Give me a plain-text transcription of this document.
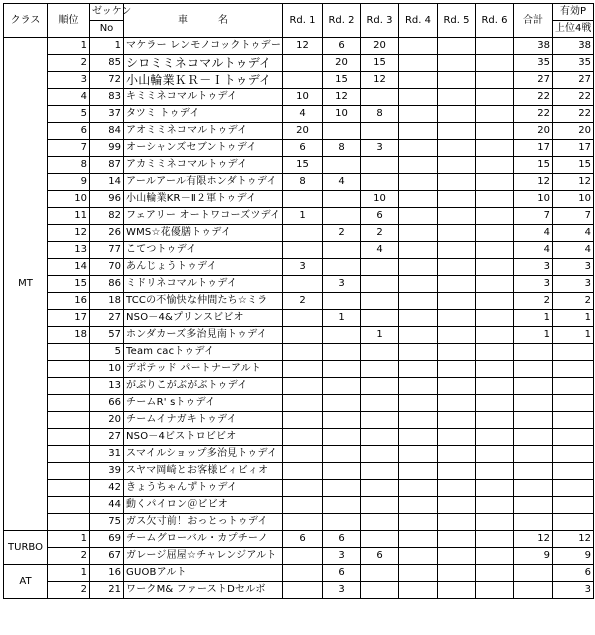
クラス	順位	ゼッケン	車　　　名	Rd. 1	Rd. 2	Rd. 3	Rd. 4	Rd. 5	Rd. 6	合計	有効P
		No									上位4戦
MT	1	1	マケラー レンモノコックトゥデー	12	6	20				38	38
	2	85	シロミミネコマルトゥデイ		20	15				35	35
	3	72	小山輪業ＫＲ－Ｉトゥデイ		15	12				27	27
	4	83	キミミネコマルトゥデイ	10	12					22	22
	5	37	タツミ トゥデイ	4	10	8				22	22
	6	84	アオミミネコマルトゥデイ	20						20	20
	7	99	オーシャンズセブントゥデイ	6	8	3				17	17
	8	87	アカミミネコマルトゥデイ	15						15	15
	9	14	アールアール有限ホンダトゥデイ	8	4					12	12
	10	96	小山輪業KR－Ⅱ２軍トゥデイ			10				10	10
	11	82	フェアリー オートワコーズツデイ	1		6				7	7
	12	26	WMS☆花優膳トゥデイ		2	2				4	4
	13	77	こてつトゥデイ			4				4	4
	14	70	あんじょうトゥデイ	3						3	3
	15	86	ミドリネコマルトゥデイ		3					3	3
	16	18	TCCの不愉快な仲間たち☆ミラ	2						2	2
	17	27	NSO－4&プリンスビビオ		1					1	1
	18	57	ホンダカーズ多治見南トゥデイ			1				1	1
		5	Team cacトゥデイ								
		10	デポテッド パートナーアルト								
		13	がぶりこがぶがぶトゥデイ								
		66	チームR' sトゥデイ								
		20	チームイナガキトゥデイ								
		27	NSO－4ビストロビビオ								
		31	スマイルショップ多治見トゥデイ								
		39	スヤマ岡崎とお客様ビィビィオ								
		42	きょうちゃんずトゥデイ								
		44	動くパイロン＠ビビオ								
		75	ガス欠寸前！おっとっトゥデイ								
TURBO	1	69	チームグローバル・カプチーノ	6	6					12	12
	2	67	ガレージ屈屋☆チャレンジアルト		3	6				9	9
AT	1	16	GUOBアルト		6						6
	2	21	ワークM& ファーストDセルボ		3						3
